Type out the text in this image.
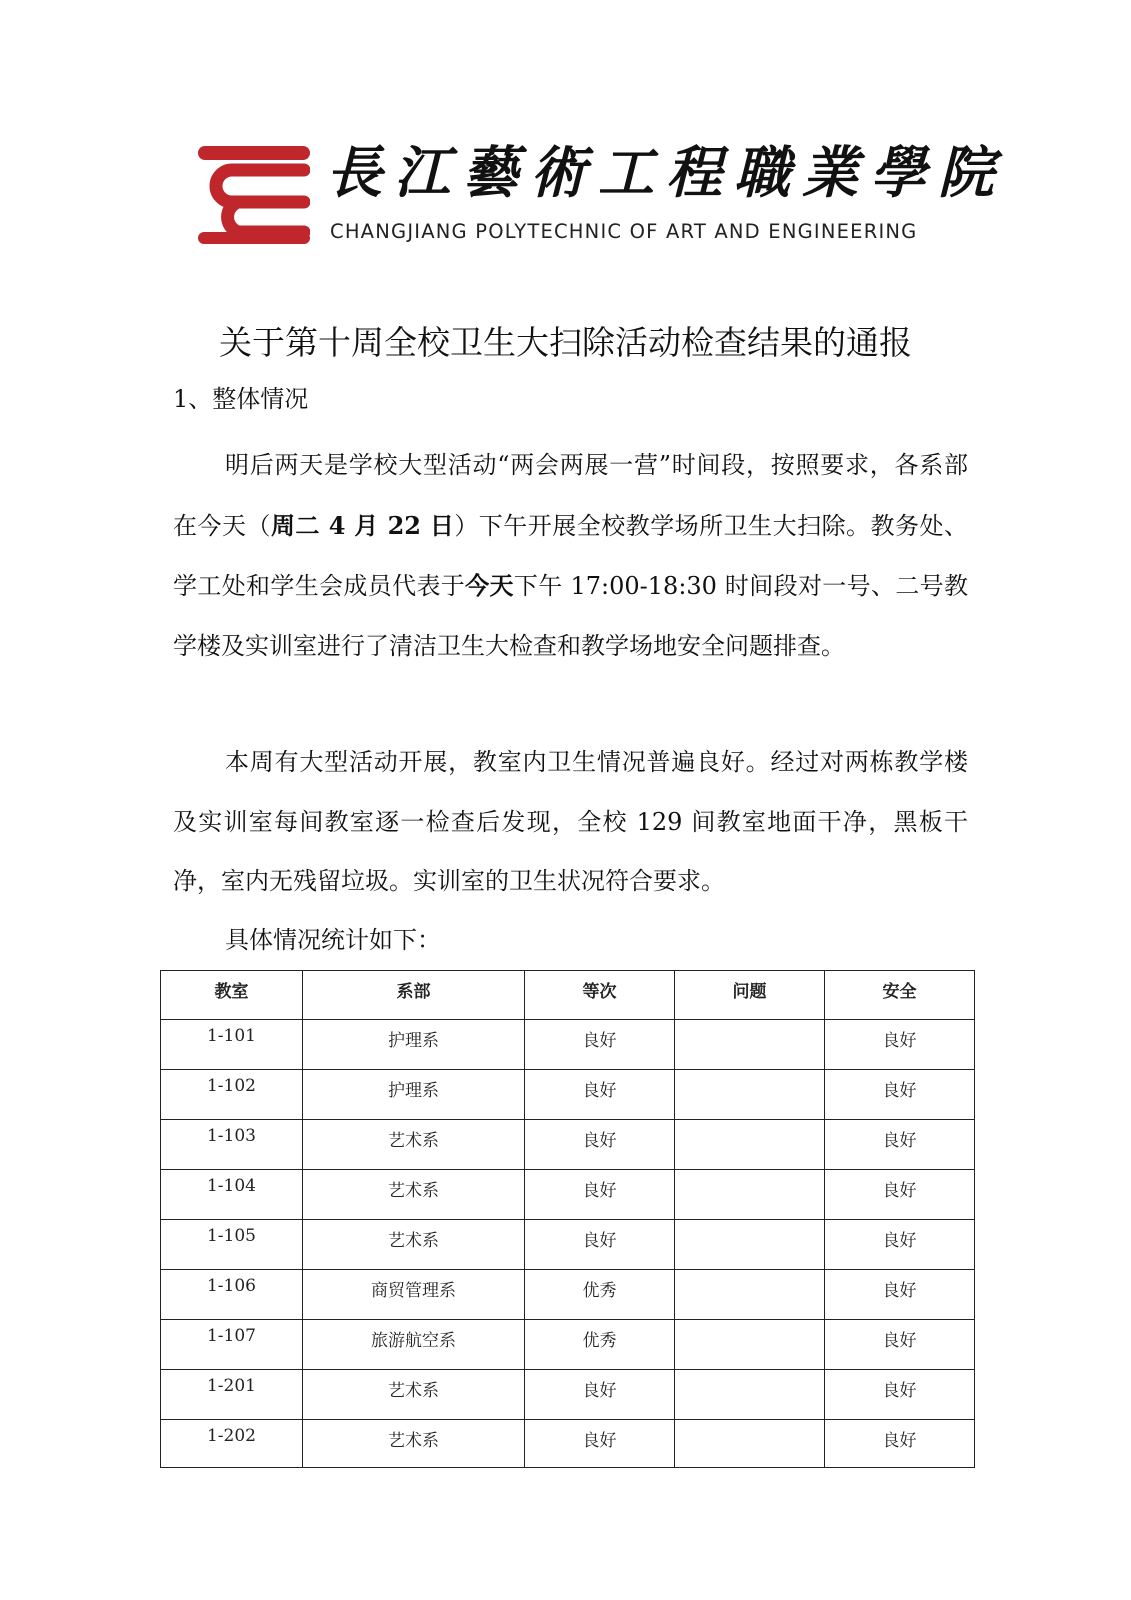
長江藝術工程職業學院
CHANGJIANG POLYTECHNIC OF ART AND ENGINEERING
关于第十周全校卫生大扫除活动检查结果的通报
1、整体情况

明后两天是学校大型活动“两会两展一营”时间段，按照要求，各系部在今天（周二 4 月 22 日）下午开展全校教学场所卫生大扫除。教务处、学工处和学生会成员代表于今天下午 17:00-18:30 时间段对一号、二号教学楼及实训室进行了清洁卫生大检查和教学场地安全问题排查。

本周有大型活动开展，教室内卫生情况普遍良好。经过对两栋教学楼及实训室每间教室逐一检查后发现，全校 129 间教室地面干净，黑板干净，室内无残留垃圾。实训室的卫生状况符合要求。

具体情况统计如下：

教室	系部	等次	问题	安全
1-101	护理系	良好		良好
1-102	护理系	良好		良好
1-103	艺术系	良好		良好
1-104	艺术系	良好		良好
1-105	艺术系	良好		良好
1-106	商贸管理系	优秀		良好
1-107	旅游航空系	优秀		良好
1-201	艺术系	良好		良好
1-202	艺术系	良好		良好
